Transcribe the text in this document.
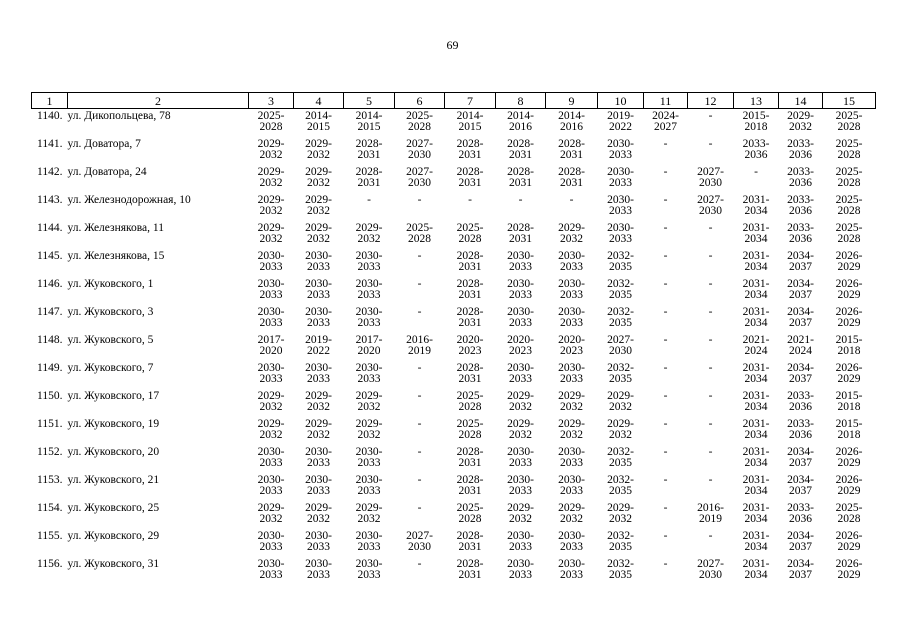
69
1	2	3	4	5	6	7	8	9	10	11	12	13	14	15
1140.	ул. Дикопольцева, 78	2025-
2028	2014-
2015	2014-
2015	2025-
2028	2014-
2015	2014-
2016	2014-
2016	2019-
2022	2024-
2027	-	2015-
2018	2029-
2032	2025-
2028
1141.	ул. Доватора, 7	2029-
2032	2029-
2032	2028-
2031	2027-
2030	2028-
2031	2028-
2031	2028-
2031	2030-
2033	-	-	2033-
2036	2033-
2036	2025-
2028
1142.	ул. Доватора, 24	2029-
2032	2029-
2032	2028-
2031	2027-
2030	2028-
2031	2028-
2031	2028-
2031	2030-
2033	-	2027-
2030	-	2033-
2036	2025-
2028
1143.	ул. Железнодорожная, 10	2029-
2032	2029-
2032	-	-	-	-	-	2030-
2033	-	2027-
2030	2031-
2034	2033-
2036	2025-
2028
1144.	ул. Железнякова, 11	2029-
2032	2029-
2032	2029-
2032	2025-
2028	2025-
2028	2028-
2031	2029-
2032	2030-
2033	-	-	2031-
2034	2033-
2036	2025-
2028
1145.	ул. Железнякова, 15	2030-
2033	2030-
2033	2030-
2033	-	2028-
2031	2030-
2033	2030-
2033	2032-
2035	-	-	2031-
2034	2034-
2037	2026-
2029
1146.	ул. Жуковского, 1	2030-
2033	2030-
2033	2030-
2033	-	2028-
2031	2030-
2033	2030-
2033	2032-
2035	-	-	2031-
2034	2034-
2037	2026-
2029
1147.	ул. Жуковского, 3	2030-
2033	2030-
2033	2030-
2033	-	2028-
2031	2030-
2033	2030-
2033	2032-
2035	-	-	2031-
2034	2034-
2037	2026-
2029
1148.	ул. Жуковского, 5	2017-
2020	2019-
2022	2017-
2020	2016-
2019	2020-
2023	2020-
2023	2020-
2023	2027-
2030	-	-	2021-
2024	2021-
2024	2015-
2018
1149.	ул. Жуковского, 7	2030-
2033	2030-
2033	2030-
2033	-	2028-
2031	2030-
2033	2030-
2033	2032-
2035	-	-	2031-
2034	2034-
2037	2026-
2029
1150.	ул. Жуковского, 17	2029-
2032	2029-
2032	2029-
2032	-	2025-
2028	2029-
2032	2029-
2032	2029-
2032	-	-	2031-
2034	2033-
2036	2015-
2018
1151.	ул. Жуковского, 19	2029-
2032	2029-
2032	2029-
2032	-	2025-
2028	2029-
2032	2029-
2032	2029-
2032	-	-	2031-
2034	2033-
2036	2015-
2018
1152.	ул. Жуковского, 20	2030-
2033	2030-
2033	2030-
2033	-	2028-
2031	2030-
2033	2030-
2033	2032-
2035	-	-	2031-
2034	2034-
2037	2026-
2029
1153.	ул. Жуковского, 21	2030-
2033	2030-
2033	2030-
2033	-	2028-
2031	2030-
2033	2030-
2033	2032-
2035	-	-	2031-
2034	2034-
2037	2026-
2029
1154.	ул. Жуковского, 25	2029-
2032	2029-
2032	2029-
2032	-	2025-
2028	2029-
2032	2029-
2032	2029-
2032	-	2016-
2019	2031-
2034	2033-
2036	2025-
2028
1155.	ул. Жуковского, 29	2030-
2033	2030-
2033	2030-
2033	2027-
2030	2028-
2031	2030-
2033	2030-
2033	2032-
2035	-	-	2031-
2034	2034-
2037	2026-
2029
1156.	ул. Жуковского, 31	2030-
2033	2030-
2033	2030-
2033	-	2028-
2031	2030-
2033	2030-
2033	2032-
2035	-	2027-
2030	2031-
2034	2034-
2037	2026-
2029
